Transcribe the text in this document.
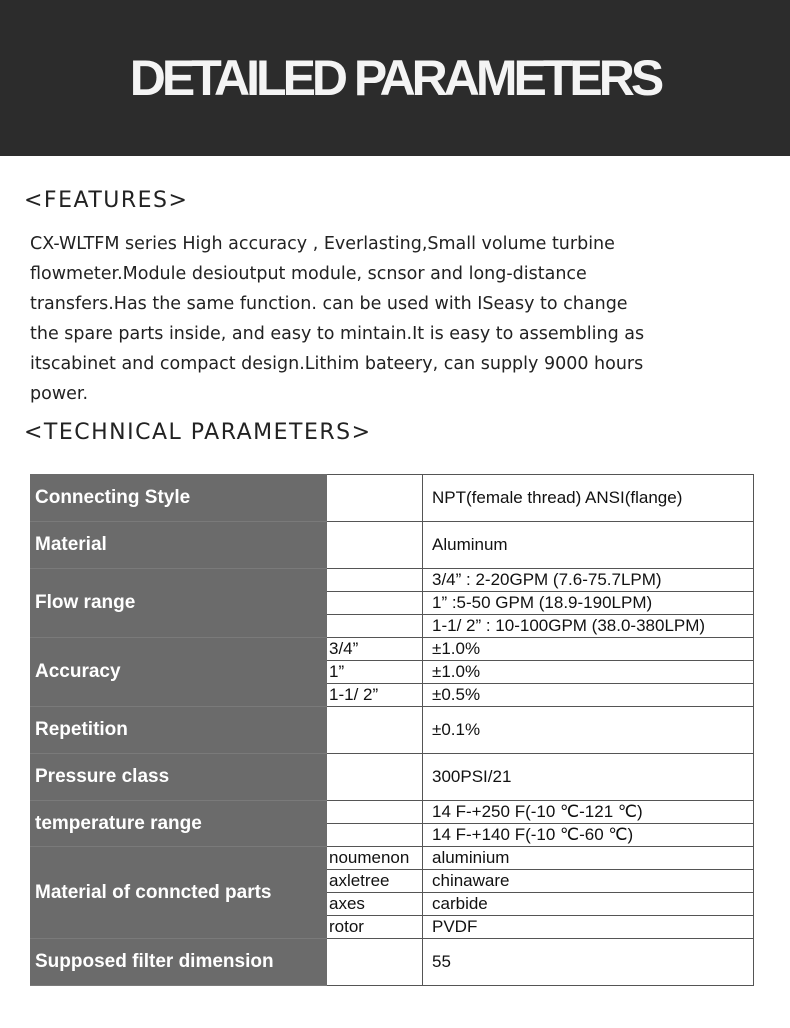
DETAILED PARAMETERS
<FEATURES>

CX-WLTFM series High accuracy , Everlasting,Small volume turbine
flowmeter.Module desioutput module, scnsor and long-distance
transfers.Has the same function. can be used with ISeasy to change
the spare parts inside, and easy to mintain.It is easy to assembling as
itscabinet and compact design.Lithim bateery, can supply 9000 hours
power.

<TECHNICAL PARAMETERS>
Connecting Style		NPT(female thread) ANSI(flange)
Material		Aluminum
Flow range		3/4” : 2-20GPM (7.6-75.7LPM)
		1” :5-50 GPM (18.9-190LPM)
		1-1/ 2” : 10-100GPM (38.0-380LPM)
Accuracy	3/4”	±1.0%
	1”	±1.0%
	1-1/ 2”	±0.5%
Repetition		±0.1%
Pressure class		300PSI/21
temperature range		14 F-+250 F(-10 ℃-121 ℃)
		14 F-+140 F(-10 ℃-60 ℃)
Material of conncted parts	noumenon	aluminium
	axletree	chinaware
	axes	carbide
	rotor	PVDF
Supposed filter dimension		55
